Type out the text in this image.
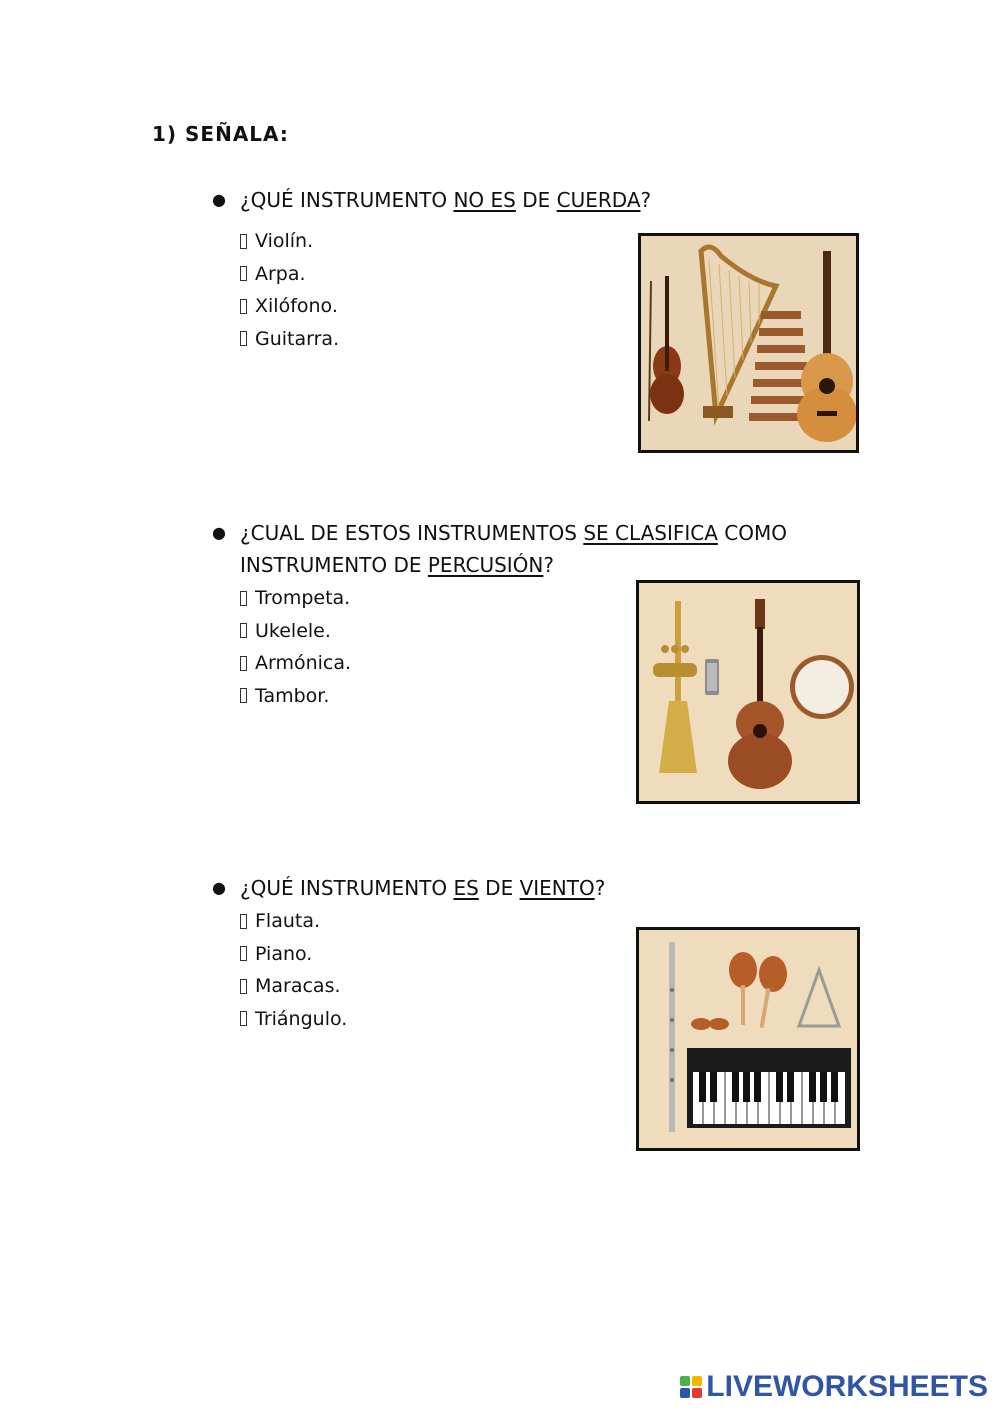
1) SEÑALA:
● ¿QUÉ INSTRUMENTO NO ES DE CUERDA?
Violín.
Arpa.
Xilófono.
Guitarra.
● ¿CUAL DE ESTOS INSTRUMENTOS SE CLASIFICA COMO
INSTRUMENTO DE PERCUSIÓN?
Trompeta.
Ukelele.
Armónica.
Tambor.
● ¿QUÉ INSTRUMENTO ES DE VIENTO?
Flauta.
Piano.
Maracas.
Triángulo.
LIVEWORKSHEETS
